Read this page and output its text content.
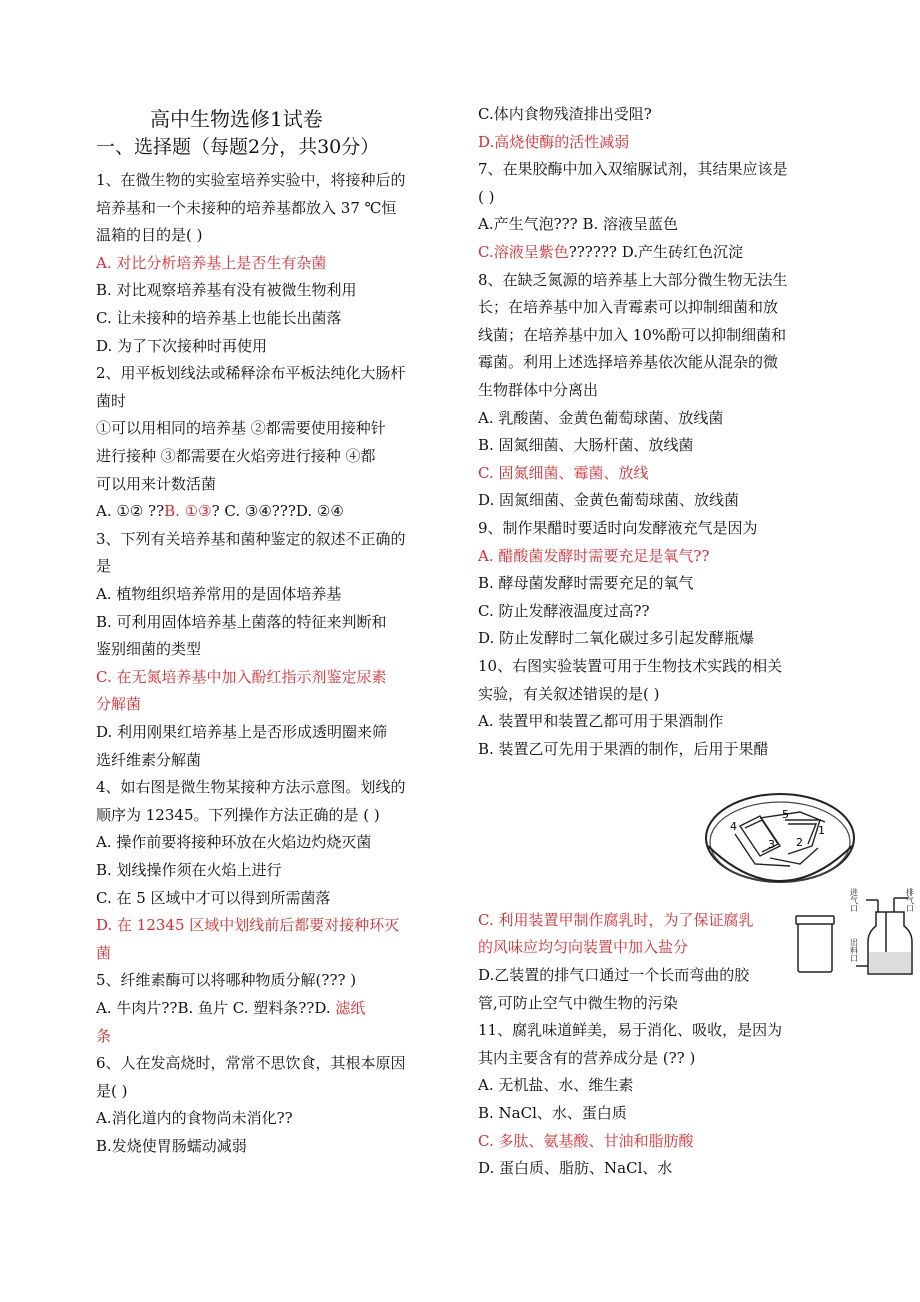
高中生物选修1试卷
一、选择题（每题2分，共30分）
1、在微生物的实验室培养实验中，将接种后的
培养基和一个未接种的培养基都放入 37 ℃恒
温箱的目的是( )
A. 对比分析培养基上是否生有杂菌
B. 对比观察培养基有没有被微生物利用
C. 让未接种的培养基上也能长出菌落
D. 为了下次接种时再使用
2、用平板划线法或稀释涂布平板法纯化大肠杆
菌时
①可以用相同的培养基 ②都需要使用接种针
进行接种 ③都需要在火焰旁进行接种 ④都
可以用来计数活菌
A. ①② ??B. ①③? C. ③④???D. ②④
3、下列有关培养基和菌种鉴定的叙述不正确的
是
A. 植物组织培养常用的是固体培养基
B. 可利用固体培养基上菌落的特征来判断和
鉴别细菌的类型
C. 在无氮培养基中加入酚红指示剂鉴定尿素
分解菌
D. 利用刚果红培养基上是否形成透明圈来筛
选纤维素分解菌
4、如右图是微生物某接种方法示意图。划线的
顺序为 12345。下列操作方法正确的是 ( )
A. 操作前要将接种环放在火焰边灼烧灭菌
B. 划线操作须在火焰上进行
C. 在 5 区域中才可以得到所需菌落
D. 在 12345 区域中划线前后都要对接种环灭
菌
5、纤维素酶可以将哪种物质分解(??? )
A. 牛肉片??B. 鱼片 C. 塑料条??D. 滤纸
条
6、人在发高烧时，常常不思饮食，其根本原因
是( )
A.消化道内的食物尚未消化??
B.发烧使胃肠蠕动减弱
C.体内食物残渣排出受阻?
D.高烧使酶的活性减弱
7、在果胶酶中加入双缩脲试剂，其结果应该是
( )
A.产生气泡??? B. 溶液呈蓝色
C.溶液呈紫色?????? D.产生砖红色沉淀
8、在缺乏氮源的培养基上大部分微生物无法生
长；在培养基中加入青霉素可以抑制细菌和放
线菌；在培养基中加入 10%酚可以抑制细菌和
霉菌。利用上述选择培养基依次能从混杂的微
生物群体中分离出
A. 乳酸菌、金黄色葡萄球菌、放线菌
B. 固氮细菌、大肠杆菌、放线菌
C. 固氮细菌、霉菌、放线
D. 固氮细菌、金黄色葡萄球菌、放线菌
9、制作果醋时要适时向发酵液充气是因为
A. 醋酸菌发酵时需要充足是氧气??
B. 酵母菌发酵时需要充足的氧气
C. 防止发酵液温度过高??
D. 防止发酵时二氧化碳过多引起发酵瓶爆
10、右图实验装置可用于生物技术实践的相关
实验，有关叙述错误的是( )
A. 装置甲和装置乙都可用于果酒制作
B. 装置乙可先用于果酒的制作，后用于果醋
C. 利用装置甲制作腐乳时，为了保证腐乳
的风味应均匀向装置中加入盐分
D.乙装置的排气口通过一个长而弯曲的胶
管,可防止空气中微生物的污染
11、腐乳味道鲜美，易于消化、吸收，是因为
其内主要含有的营养成分是 (?? )
A. 无机盐、水、维生素
B. NaCl、水、蛋白质
C. 多肽、氨基酸、甘油和脂肪酸
D. 蛋白质、脂肪、NaCl、水
5
4	1
3 2
进气口	排气口
出料口
